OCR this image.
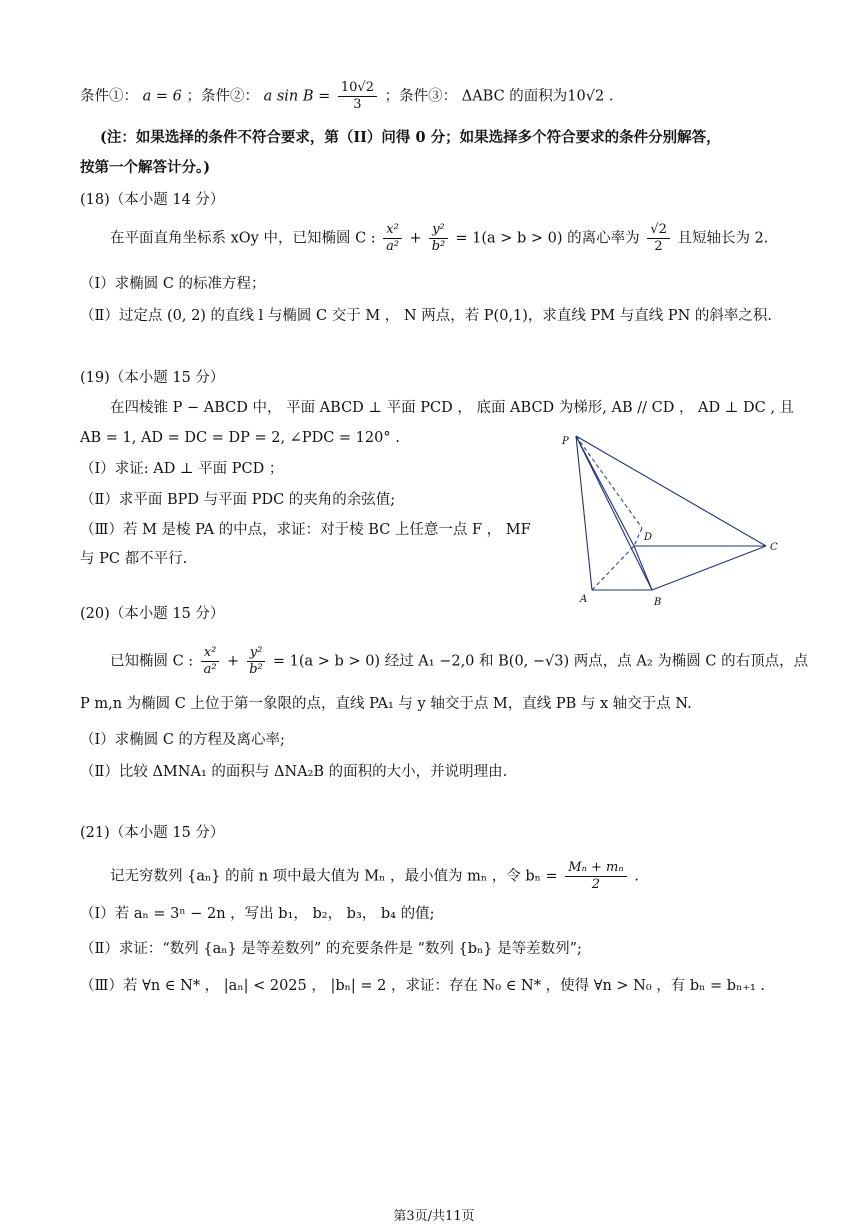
条件①： a = 6 ；条件②： a $\sin B = \frac{10√2}{3}$ ；条件③： ΔABC 的面积为10√2 .
(注：如果选择的条件不符合要求，第（II）问得 0 分；如果选择多个符合要求的条件分别解答，
按第一个解答计分。)
(18)（本小题 14 分）
在平面直角坐标系 xOy 中，已知椭圆 C : $\frac{\text{x²}}{\text{a²}} + \frac{\text{y²}}{\text{b²}} = 1(a > b > 0)$ 的离心率为 $\frac{√2}{2}$ 且短轴长为 2.
（Ⅰ）求椭圆 C 的标准方程；
（Ⅱ）过定点 (0, 2) 的直线 l 与椭圆 C 交于 M ， N 两点，若 P(0,1)，求直线 PM 与直线 PN 的斜率之积.
(19)（本小题 15 分）
在四棱锥 P − ABCD 中， 平面 ABCD ⊥ 平面 PCD ， 底面 ABCD 为梯形, AB // CD ， AD ⊥ DC , 且
AB = 1, AD = DC = DP = 2, ∠PDC = 120° .
（Ⅰ）求证: AD ⊥ 平面 PCD ；
（Ⅱ）求平面 BPD 与平面 PDC 的夹角的余弦值;
（Ⅲ）若 M 是棱 PA 的中点，求证：对于棱 BC 上任意一点 F ， MF
与 PC 都不平行.
P
D
C
A	B
(20)（本小题 15 分）
已知椭圆 C : $\frac{\text{x²}}{\text{a²}} + \frac{\text{y²}}{\text{b²}} = 1(a > b > 0)$ 经过 A₁ −2,0 和 B(0, −√3) 两点，点 A₂ 为椭圆 C 的右顶点，点
P m,n 为椭圆 C 上位于第一象限的点，直线 PA₁ 与 y 轴交于点 M，直线 PB 与 x 轴交于点 N.
（Ⅰ）求椭圆 C 的方程及离心率;
（Ⅱ）比较 ΔMNA₁ 的面积与 ΔNA₂B 的面积的大小，并说明理由.
(21)（本小题 15 分）
记无穷数列 {aₙ} 的前 n 项中最大值为 Mₙ ，最小值为 mₙ ，令 $b_n = \frac{\text{Mₙ + mₙ}}{2}$ .
（Ⅰ）若 aₙ = 3ⁿ − 2n ，写出 b₁， b₂， b₃， b₄ 的值;
（Ⅱ）求证：“数列 {aₙ} 是等差数列” 的充要条件是 “数列 {bₙ} 是等差数列”;
（Ⅲ）若 ∀n ∈ N* ， |aₙ| < 2025 ， |bₙ| = 2 ，求证：存在 N₀ ∈ N* ，使得 ∀n > N₀ ，有 bₙ = bₙ₊₁ .
第3页/共11页
